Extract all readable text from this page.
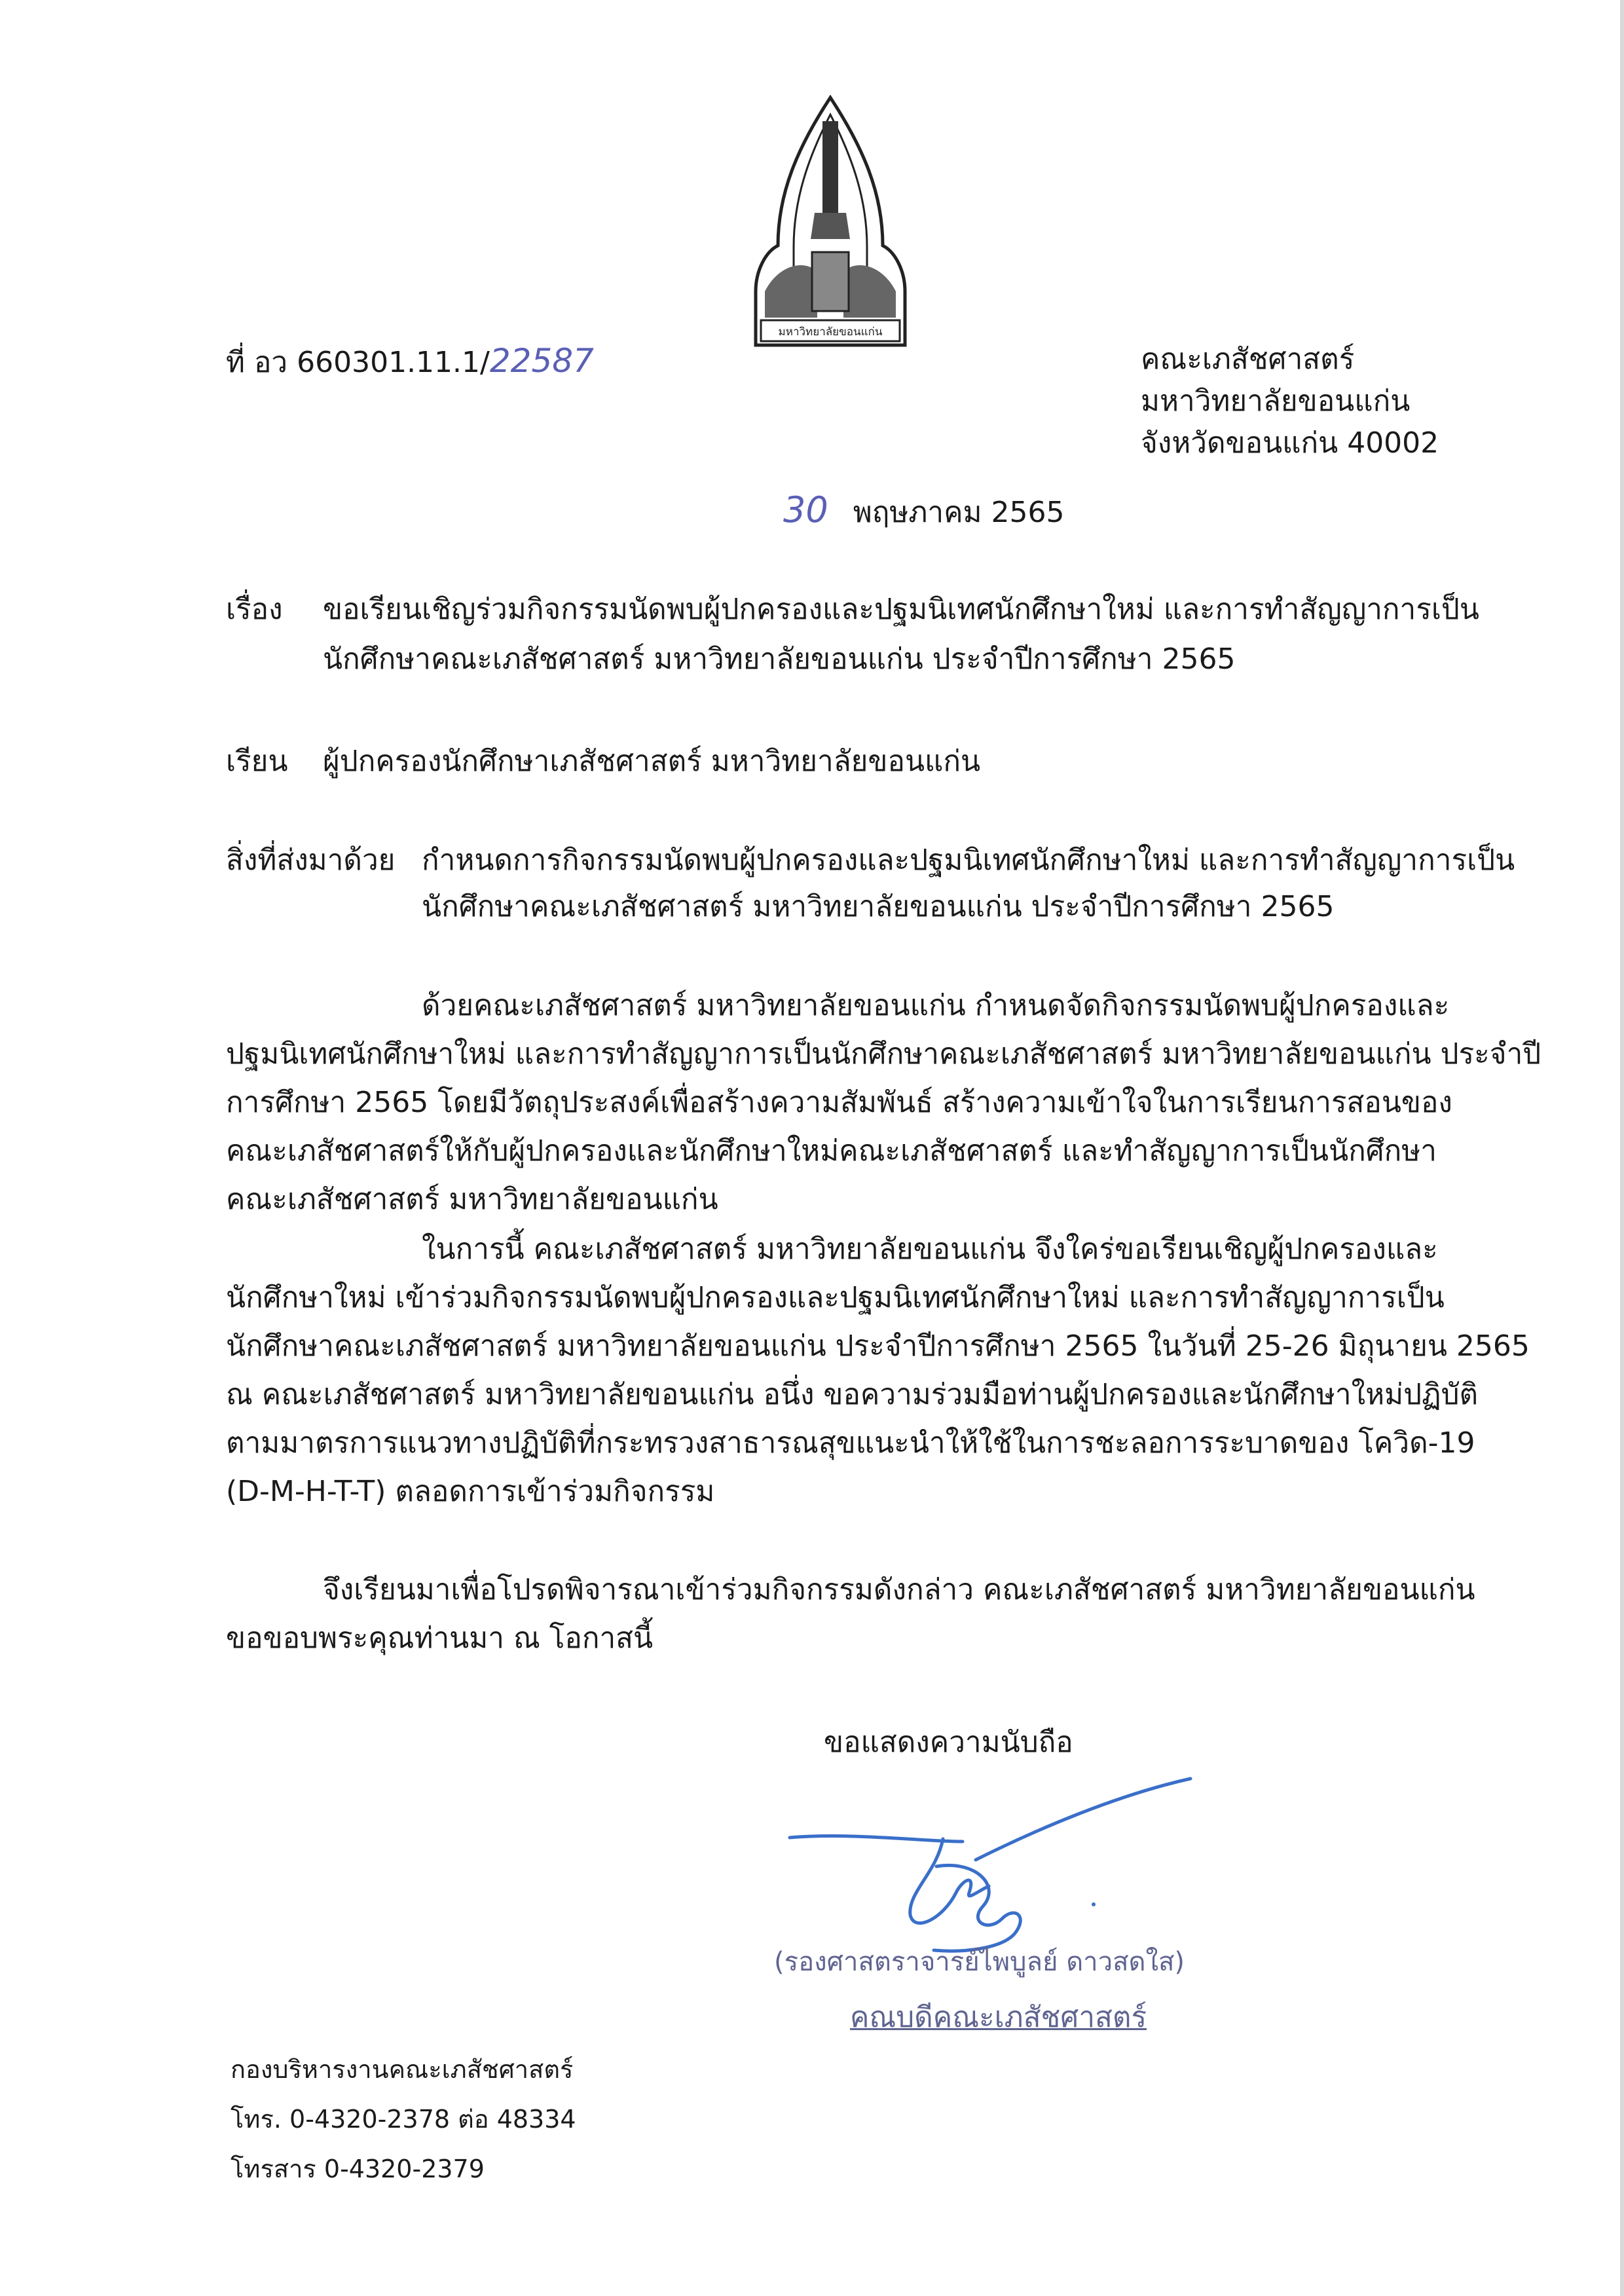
มหาวิทยาลัยขอนแก่น
ที่ อว 660301.11.1/22587	คณะเภสัชศาสตร์
มหาวิทยาลัยขอนแก่น
จังหวัดขอนแก่น 40002
30 พฤษภาคม 2565
เรื่อง ขอเรียนเชิญร่วมกิจกรรมนัดพบผู้ปกครองและปฐมนิเทศนักศึกษาใหม่ และการทำสัญญาการเป็น
นักศึกษาคณะเภสัชศาสตร์ มหาวิทยาลัยขอนแก่น ประจำปีการศึกษา 2565
เรียน ผู้ปกครองนักศึกษาเภสัชศาสตร์ มหาวิทยาลัยขอนแก่น
สิ่งที่ส่งมาด้วย กำหนดการกิจกรรมนัดพบผู้ปกครองและปฐมนิเทศนักศึกษาใหม่ และการทำสัญญาการเป็น
นักศึกษาคณะเภสัชศาสตร์ มหาวิทยาลัยขอนแก่น ประจำปีการศึกษา 2565
ด้วยคณะเภสัชศาสตร์ มหาวิทยาลัยขอนแก่น กำหนดจัดกิจกรรมนัดพบผู้ปกครองและ
ปฐมนิเทศนักศึกษาใหม่ และการทำสัญญาการเป็นนักศึกษาคณะเภสัชศาสตร์ มหาวิทยาลัยขอนแก่น ประจำปี
การศึกษา 2565 โดยมีวัตถุประสงค์เพื่อสร้างความสัมพันธ์ สร้างความเข้าใจในการเรียนการสอนของ
คณะเภสัชศาสตร์ให้กับผู้ปกครองและนักศึกษาใหม่คณะเภสัชศาสตร์ และทำสัญญาการเป็นนักศึกษา
คณะเภสัชศาสตร์ มหาวิทยาลัยขอนแก่น
ในการนี้ คณะเภสัชศาสตร์ มหาวิทยาลัยขอนแก่น จึงใคร่ขอเรียนเชิญผู้ปกครองและ
นักศึกษาใหม่ เข้าร่วมกิจกรรมนัดพบผู้ปกครองและปฐมนิเทศนักศึกษาใหม่ และการทำสัญญาการเป็น
นักศึกษาคณะเภสัชศาสตร์ มหาวิทยาลัยขอนแก่น ประจำปีการศึกษา 2565 ในวันที่ 25-26 มิถุนายน 2565
ณ คณะเภสัชศาสตร์ มหาวิทยาลัยขอนแก่น อนึ่ง ขอความร่วมมือท่านผู้ปกครองและนักศึกษาใหม่ปฏิบัติ
ตามมาตรการแนวทางปฏิบัติที่กระทรวงสาธารณสุขแนะนำให้ใช้ในการชะลอการระบาดของ โควิด-19
(D-M-H-T-T) ตลอดการเข้าร่วมกิจกรรม
จึงเรียนมาเพื่อโปรดพิจารณาเข้าร่วมกิจกรรมดังกล่าว คณะเภสัชศาสตร์ มหาวิทยาลัยขอนแก่น
ขอขอบพระคุณท่านมา ณ โอกาสนี้
ขอแสดงความนับถือ
(รองศาสตราจารย์ไพบูลย์ ดาวสดใส)
คณบดีคณะเภสัชศาสตร์
กองบริหารงานคณะเภสัชศาสตร์
โทร. 0-4320-2378 ต่อ 48334
โทรสาร 0-4320-2379
